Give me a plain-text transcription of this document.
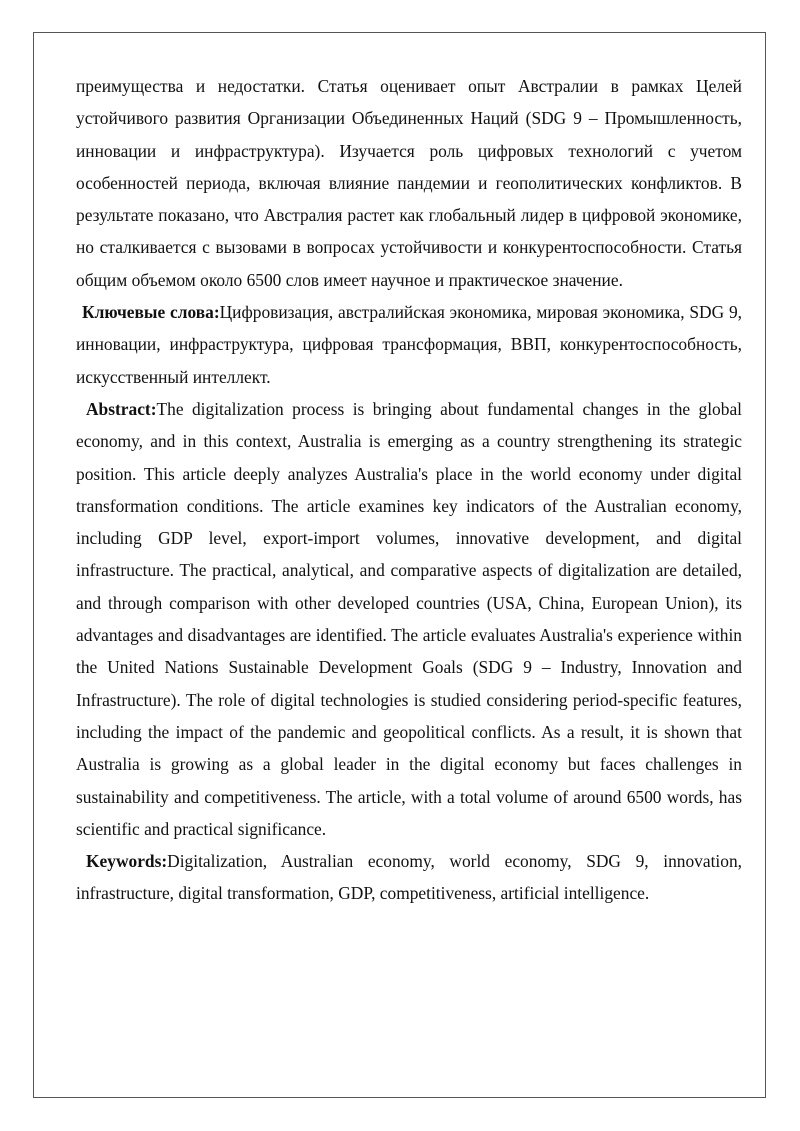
преимущества и недостатки. Статья оценивает опыт Австралии в рамках Целей устойчивого развития Организации Объединенных Наций (SDG 9 – Промышленность, инновации и инфраструктура). Изучается роль цифровых технологий с учетом особенностей периода, включая влияние пандемии и геополитических конфликтов. В результате показано, что Австралия растет как глобальный лидер в цифровой экономике, но сталкивается с вызовами в вопросах устойчивости и конкурентоспособности. Статья общим объемом около 6500 слов имеет научное и практическое значение.

Ключевые слова:Цифровизация, австралийская экономика, мировая экономика, SDG 9, инновации, инфраструктура, цифровая трансформация, ВВП, конкурентоспособность, искусственный интеллект.

Abstract:The digitalization process is bringing about fundamental changes in the global economy, and in this context, Australia is emerging as a country strengthening its strategic position. This article deeply analyzes Australia's place in the world economy under digital transformation conditions. The article examines key indicators of the Australian economy, including GDP level, export-import volumes, innovative development, and digital infrastructure. The practical, analytical, and comparative aspects of digitalization are detailed, and through comparison with other developed countries (USA, China, European Union), its advantages and disadvantages are identified. The article evaluates Australia's experience within the United Nations Sustainable Development Goals (SDG 9 – Industry, Innovation and Infrastructure). The role of digital technologies is studied considering period-specific features, including the impact of the pandemic and geopolitical conflicts. As a result, it is shown that Australia is growing as a global leader in the digital economy but faces challenges in sustainability and competitiveness. The article, with a total volume of around 6500 words, has scientific and practical significance.

Keywords:Digitalization, Australian economy, world economy, SDG 9, innovation, infrastructure, digital transformation, GDP, competitiveness, artificial intelligence.
